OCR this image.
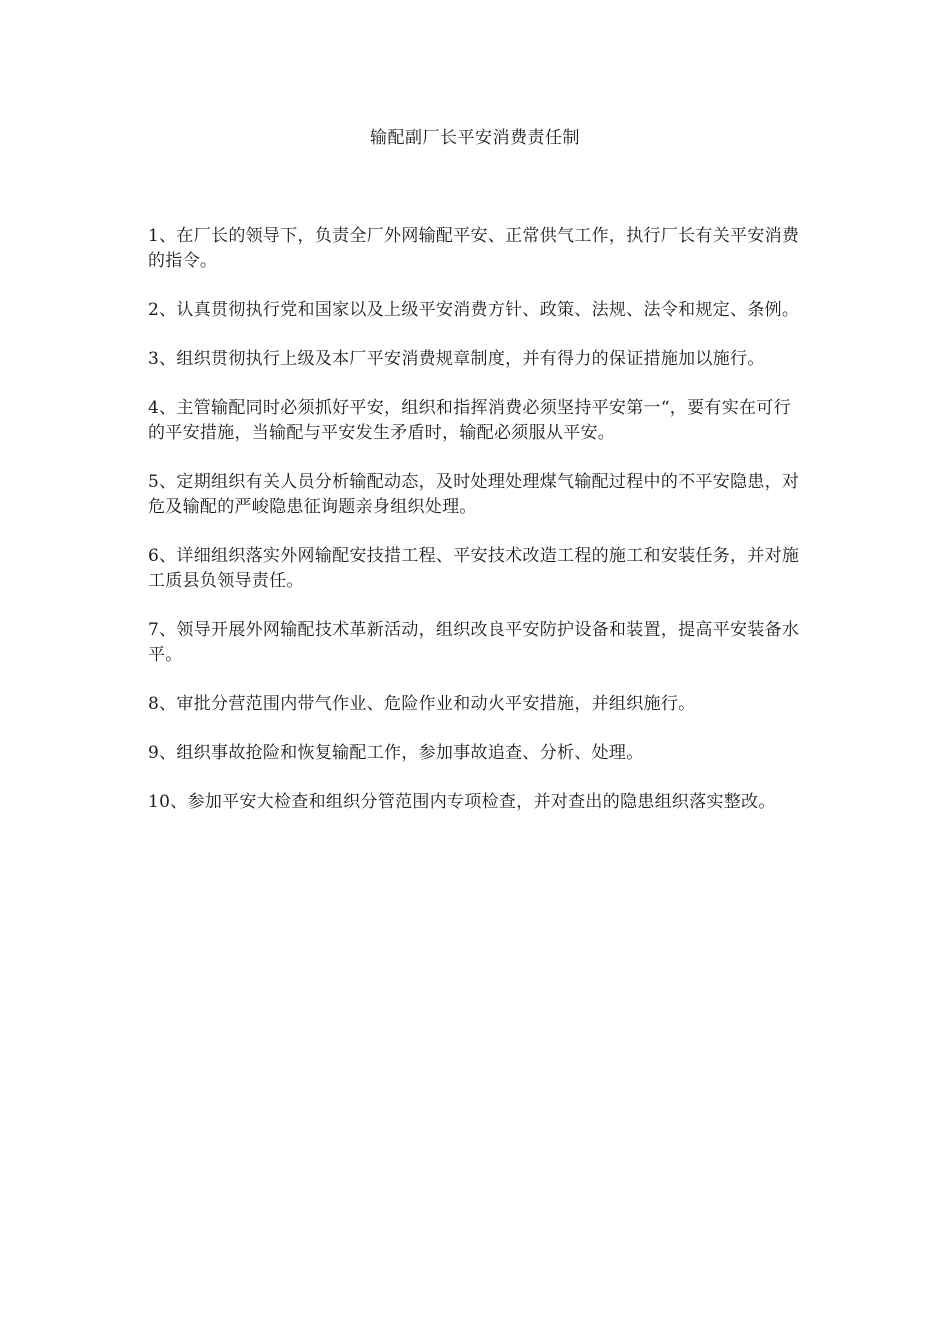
输配副厂长平安消费责任制
1、在厂长的领导下，负责全厂外网输配平安、正常供气工作，执行厂长有关平安消费的指令。
2、认真贯彻执行党和国家以及上级平安消费方针、政策、法规、法令和规定、条例。
3、组织贯彻执行上级及本厂平安消费规章制度，并有得力的保证措施加以施行。
4、主管输配同时必须抓好平安，组织和指挥消费必须坚持平安第一“，要有实在可行的平安措施，当输配与平安发生矛盾时，输配必须服从平安。
5、定期组织有关人员分析输配动态，及时处理处理煤气输配过程中的不平安隐患，对危及输配的严峻隐患征询题亲身组织处理。
6、详细组织落实外网输配安技措工程、平安技术改造工程的施工和安装任务，并对施工质县负领导责任。
7、领导开展外网输配技术革新活动，组织改良平安防护设备和装置，提高平安装备水平。
8、审批分营范围内带气作业、危险作业和动火平安措施，并组织施行。
9、组织事故抢险和恢复输配工作，参加事故追查、分析、处理。
10、参加平安大检查和组织分管范围内专项检查，并对查出的隐患组织落实整改。
